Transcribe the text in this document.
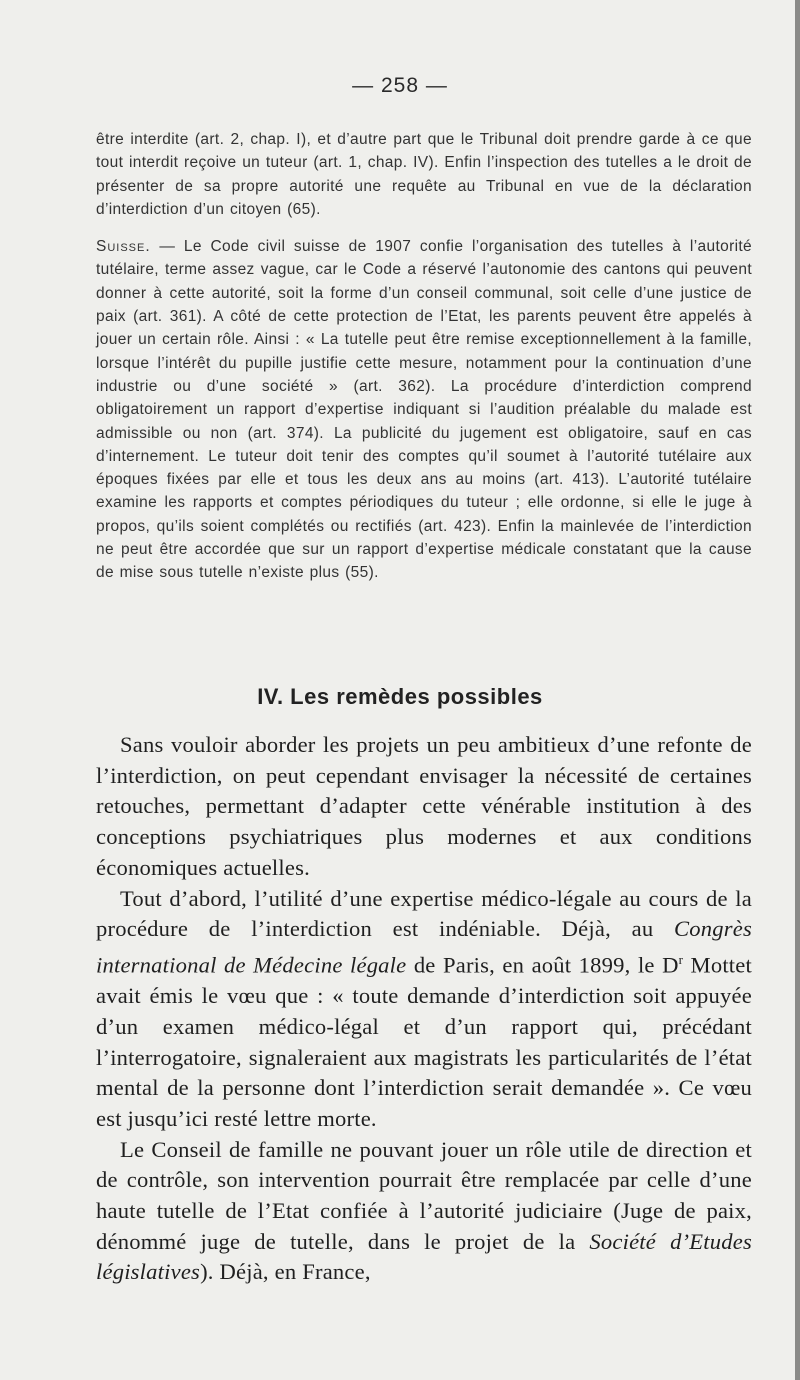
— 258 —

être interdite (art. 2, chap. I), et d’autre part que le Tribunal doit prendre garde à ce que tout interdit reçoive un tuteur (art. 1, chap. IV). Enfin l’inspection des tutelles a le droit de présenter de sa propre autorité une requête au Tribunal en vue de la déclaration d’interdiction d’un citoyen (65).

Suisse. — Le Code civil suisse de 1907 confie l’organisation des tutelles à l’autorité tutélaire, terme assez vague, car le Code a réservé l’autonomie des cantons qui peuvent donner à cette autorité, soit la forme d’un conseil communal, soit celle d’une justice de paix (art. 361). A côté de cette protection de l’Etat, les parents peuvent être appelés à jouer un certain rôle. Ainsi : « La tutelle peut être remise exceptionnellement à la famille, lorsque l’intérêt du pupille justifie cette mesure, notamment pour la continuation d’une industrie ou d’une société » (art. 362). La procédure d’interdiction comprend obligatoirement un rapport d’expertise indiquant si l’audition préalable du malade est admissible ou non (art. 374). La publicité du jugement est obligatoire, sauf en cas d’internement. Le tuteur doit tenir des comptes qu’il soumet à l’autorité tutélaire aux époques fixées par elle et tous les deux ans au moins (art. 413). L’autorité tutélaire examine les rapports et comptes périodiques du tuteur ; elle ordonne, si elle le juge à propos, qu’ils soient complétés ou rectifiés (art. 423). Enfin la mainlevée de l’interdiction ne peut être accordée que sur un rapport d’expertise médicale constatant que la cause de mise sous tutelle n’existe plus (55).

IV. Les remèdes possibles

Sans vouloir aborder les projets un peu ambitieux d’une refonte de l’interdiction, on peut cependant envisager la nécessité de certaines retouches, permettant d’adapter cette vénérable institution à des conceptions psychiatriques plus modernes et aux conditions économiques actuelles.

Tout d’abord, l’utilité d’une expertise médico-légale au cours de la procédure de l’interdiction est indéniable. Déjà, au Congrès international de Médecine légale de Paris, en août 1899, le $D^r$ Mottet avait émis le vœu que : « toute demande d’interdiction soit appuyée d’un examen médico-légal et d’un rapport qui, précédant l’interrogatoire, signaleraient aux magistrats les particularités de l’état mental de la personne dont l’interdiction serait demandée ». Ce vœu est jusqu’ici resté lettre morte.

Le Conseil de famille ne pouvant jouer un rôle utile de direction et de contrôle, son intervention pourrait être remplacée par celle d’une haute tutelle de l’Etat confiée à l’autorité judiciaire (Juge de paix, dénommé juge de tutelle, dans le projet de la Société d’Etudes législatives). Déjà, en France,
